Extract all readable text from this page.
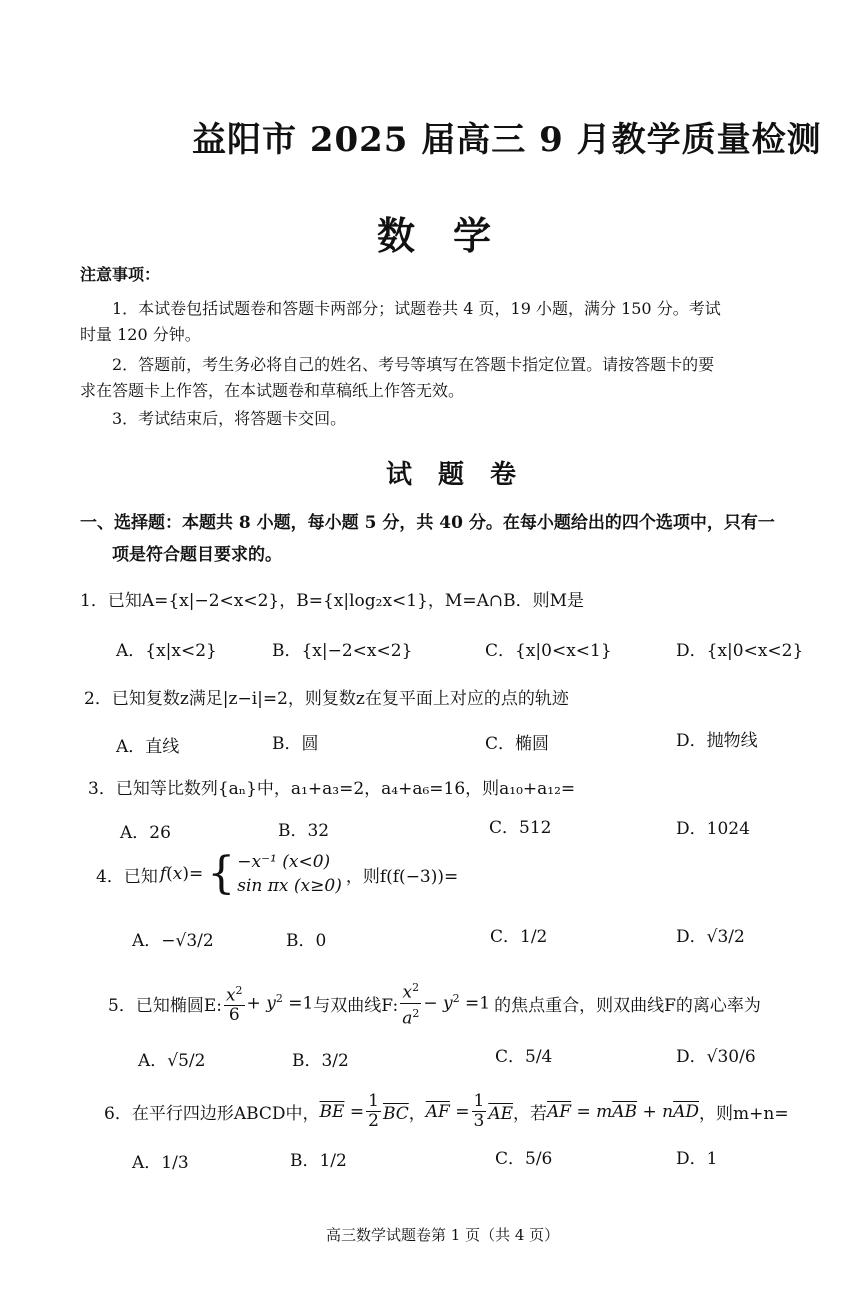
益阳市 2025 届高三 9 月教学质量检测
数　学
注意事项：
1．本试卷包括试题卷和答题卡两部分；试题卷共 4 页，19 小题，满分 150 分。考试
时量 120 分钟。
2．答题前，考生务必将自己的姓名、考号等填写在答题卡指定位置。请按答题卡的要
求在答题卡上作答，在本试题卷和草稿纸上作答无效。
3．考试结束后，将答题卡交回。
试　题　卷
一、选择题：本题共 8 小题，每小题 5 分，共 40 分。在每小题给出的四个选项中，只有一
项是符合题目要求的。
1．已知A={x|−2<x<2}，B={x|log₂x<1}，M=A∩B．则M是
A．{x|x<2}	B．{x|−2<x<2}	C．{x|0<x<1}	D．{x|0<x<2}
2．已知复数z满足|z−i|=2，则复数z在复平面上对应的点的轨迹
A．直线	B．圆	C．椭圆	D．抛物线
3．已知等比数列{aₙ}中，a₁+a₃=2，a₄+a₆=16，则a₁₀+a₁₂=
A．26	B．32	C．512	D．1024
4．已知 f(x)= { −x⁻¹ (x<0)
sin πx (x≥0) ，则f(f(−3))=
A．−√3/2	B．0	C．1/2	D．√3/2
5．已知椭圆E: $\frac{x^2}{6} + y^2 =1$ 与双曲线F: $\frac{x^2}{a^2} - y^2 =1$ 的焦点重合，则双曲线F的离心率为
A．√5/2	B．3/2	C．5/4	D．√30/6
6．在平行四边形ABCD中， $\overline{BE} = \frac{1}{2} \overline{BC}$， $\overline{AF} = \frac{1}{3} \overline{AE}$，若 $\overline{AF} = m\overline{AB} + n\overline{AD}$ ，则m+n=
A．1/3	B．1/2	C．5/6	D．1
高三数学试题卷第 1 页（共 4 页）
